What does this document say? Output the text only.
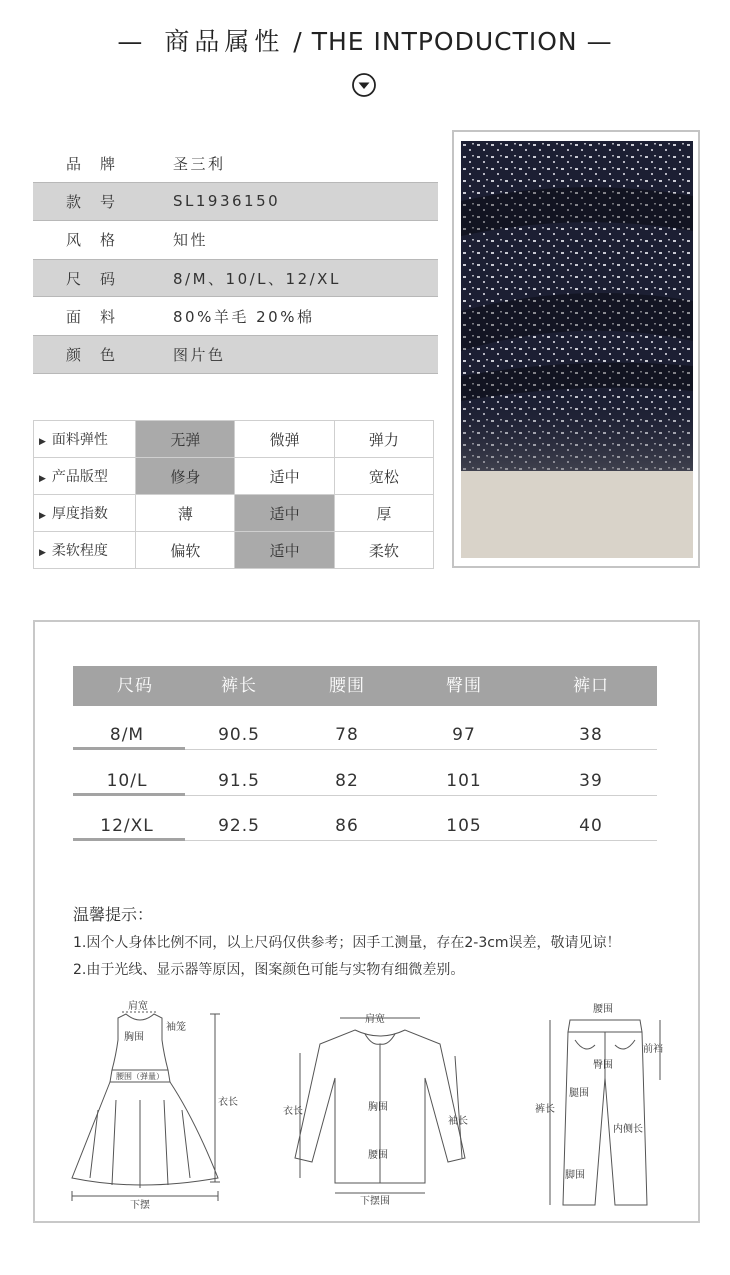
— 商品属性 / THE INTPODUCTION —
品牌	圣三利
款号	SL1936150
风格	知性
尺码	8/M、10/L、12/XL
面料	80%羊毛 20%棉
颜色	图片色
▶ 面料弹性	无弹	微弹	弹力
▶ 产品版型	修身	适中	宽松
▶ 厚度指数	薄	适中	厚
▶ 柔软程度	偏软	适中	柔软
尺码	裤长	腰围	臀围	裤口
8/M	90.5	78	97	38
10/L	91.5	82	101	39
12/XL	92.5	86	105	40
温馨提示：
1.因个人身体比例不同，以上尺码仅供参考；因手工测量，存在2-3cm误差，敬请见谅！
2.由于光线、显示器等原因，图案颜色可能与实物有细微差别。
肩宽
胸围
袖笼
腰围（弹量）
衣长
下摆
肩宽
衣长	胸围
袖长
腰围
下摆围
腰围
前裆
臀围
腿围
裤长
内侧长
脚围
